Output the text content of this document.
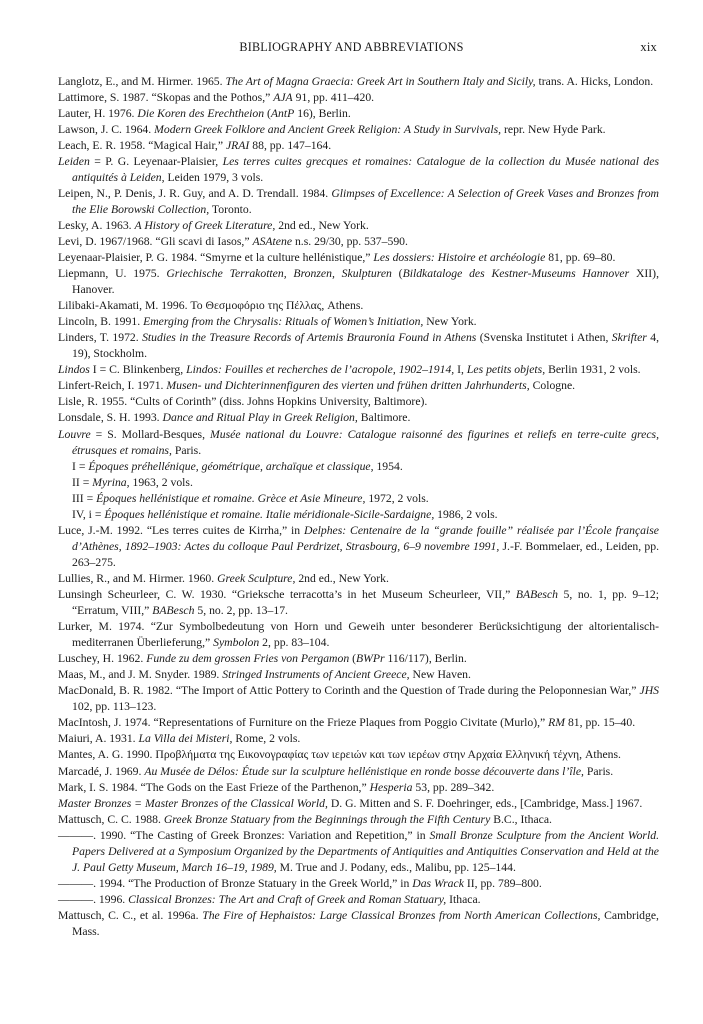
BIBLIOGRAPHY AND ABBREVIATIONS	xix

Langlotz, E., and M. Hirmer. 1965. The Art of Magna Graecia: Greek Art in Southern Italy and Sicily, trans. A. Hicks, London.

Lattimore, S. 1987. “Skopas and the Pothos,” AJA 91, pp. 411–420.

Lauter, H. 1976. Die Koren des Erechtheion (AntP 16), Berlin.

Lawson, J. C. 1964. Modern Greek Folklore and Ancient Greek Religion: A Study in Survivals, repr. New Hyde Park.

Leach, E. R. 1958. “Magical Hair,” JRAI 88, pp. 147–164.

Leiden = P. G. Leyenaar-Plaisier, Les terres cuites grecques et romaines: Catalogue de la collection du Musée national des antiquités à Leiden, Leiden 1979, 3 vols.

Leipen, N., P. Denis, J. R. Guy, and A. D. Trendall. 1984. Glimpses of Excellence: A Selection of Greek Vases and Bronzes from the Elie Borowski Collection, Toronto.

Lesky, A. 1963. A History of Greek Literature, 2nd ed., New York.

Levi, D. 1967/1968. “Gli scavi di Iasos,” ASAtene n.s. 29/30, pp. 537–590.

Leyenaar-Plaisier, P. G. 1984. “Smyrne et la culture hellénistique,” Les dossiers: Histoire et archéologie 81, pp. 69–80.

Liepmann, U. 1975. Griechische Terrakotten, Bronzen, Skulpturen (Bildkataloge des Kestner-Museums Hannover XII), Hanover.

Lilibaki-Akamati, M. 1996. Το Θεσμοφόριο της Πέλλας, Athens.

Lincoln, B. 1991. Emerging from the Chrysalis: Rituals of Women’s Initiation, New York.

Linders, T. 1972. Studies in the Treasure Records of Artemis Brauronia Found in Athens (Svenska Institutet i Athen, Skrifter 4, 19), Stockholm.

Lindos I = C. Blinkenberg, Lindos: Fouilles et recherches de l’acropole, 1902–1914, I, Les petits objets, Berlin 1931, 2 vols.

Linfert-Reich, I. 1971. Musen- und Dichterinnenfiguren des vierten und frühen dritten Jahrhunderts, Cologne.

Lisle, R. 1955. “Cults of Corinth” (diss. Johns Hopkins University, Baltimore).

Lonsdale, S. H. 1993. Dance and Ritual Play in Greek Religion, Baltimore.

Louvre = S. Mollard-Besques, Musée national du Louvre: Catalogue raisonné des figurines et reliefs en terre-cuite grecs, étrusques et romains, Paris.

I = Époques préhellénique, géométrique, archaïque et classique, 1954.

II = Myrina, 1963, 2 vols.

III = Époques hellénistique et romaine. Grèce et Asie Mineure, 1972, 2 vols.

IV, i = Époques hellénistique et romaine. Italie méridionale-Sicile-Sardaigne, 1986, 2 vols.

Luce, J.-M. 1992. “Les terres cuites de Kirrha,” in Delphes: Centenaire de la “grande fouille” réalisée par l’École française d’Athènes, 1892–1903: Actes du colloque Paul Perdrizet, Strasbourg, 6–9 novembre 1991, J.-F. Bommelaer, ed., Leiden, pp. 263–275.

Lullies, R., and M. Hirmer. 1960. Greek Sculpture, 2nd ed., New York.

Lunsingh Scheurleer, C. W. 1930. “Grieksche terracotta’s in het Museum Scheurleer, VII,” BABesch 5, no. 1, pp. 9–12; “Erratum, VIII,” BABesch 5, no. 2, pp. 13–17.

Lurker, M. 1974. “Zur Symbolbedeutung von Horn und Geweih unter besonderer Berücksichtigung der altorientalisch-mediterranen Überlieferung,” Symbolon 2, pp. 83–104.

Luschey, H. 1962. Funde zu dem grossen Fries von Pergamon (BWPr 116/117), Berlin.

Maas, M., and J. M. Snyder. 1989. Stringed Instruments of Ancient Greece, New Haven.

MacDonald, B. R. 1982. “The Import of Attic Pottery to Corinth and the Question of Trade during the Peloponnesian War,” JHS 102, pp. 113–123.

MacIntosh, J. 1974. “Representations of Furniture on the Frieze Plaques from Poggio Civitate (Murlo),” RM 81, pp. 15–40.

Maiuri, A. 1931. La Villa dei Misteri, Rome, 2 vols.

Mantes, A. G. 1990. Προβλήματα της Εικονογραφίας των ιερειών και των ιερέων στην Αρχαία Ελληνική τέχνη, Athens.

Marcadé, J. 1969. Au Musée de Délos: Étude sur la sculpture hellénistique en ronde bosse découverte dans l’île, Paris.

Mark, I. S. 1984. “The Gods on the East Frieze of the Parthenon,” Hesperia 53, pp. 289–342.

Master Bronzes = Master Bronzes of the Classical World, D. G. Mitten and S. F. Doehringer, eds., [Cambridge, Mass.] 1967.

Mattusch, C. C. 1988. Greek Bronze Statuary from the Beginnings through the Fifth Century B.C., Ithaca.

———. 1990. “The Casting of Greek Bronzes: Variation and Repetition,” in Small Bronze Sculpture from the Ancient World. Papers Delivered at a Symposium Organized by the Departments of Antiquities and Antiquities Conservation and Held at the J. Paul Getty Museum, March 16–19, 1989, M. True and J. Podany, eds., Malibu, pp. 125–144.

———. 1994. “The Production of Bronze Statuary in the Greek World,” in Das Wrack II, pp. 789–800.

———. 1996. Classical Bronzes: The Art and Craft of Greek and Roman Statuary, Ithaca.

Mattusch, C. C., et al. 1996a. The Fire of Hephaistos: Large Classical Bronzes from North American Collections, Cambridge, Mass.
